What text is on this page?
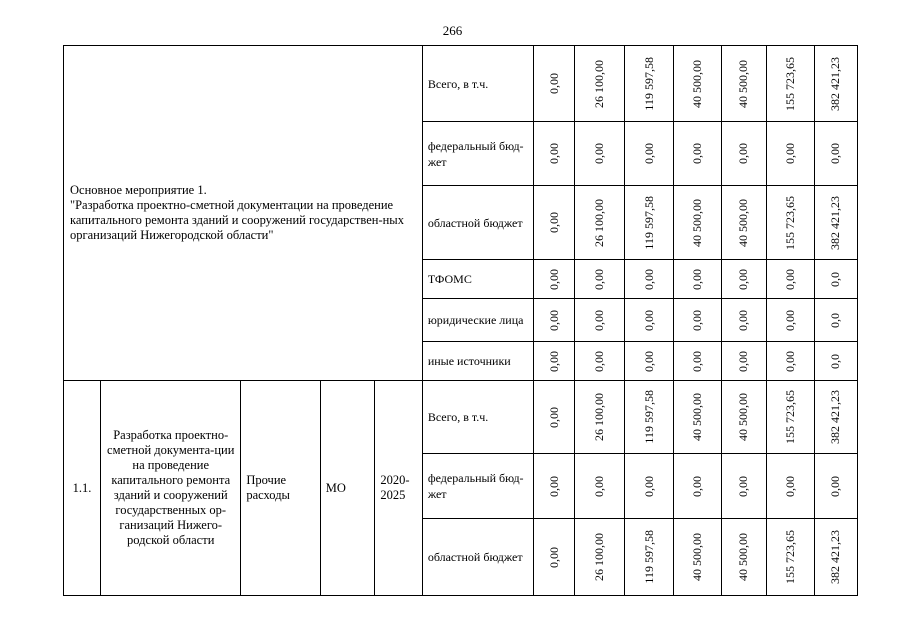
266
Основное мероприятие 1.
"Разработка проектно-сметной документации на проведение капитального ремонта зданий и сооружений государствен-ных организаций Нижегородской области"					Всего, в т.ч.	0,00	26 100,00	119 597,58	40 500,00	40 500,00	155 723,65	382 421,23

					федеральный бюд-жет	0,00	0,00	0,00	0,00	0,00	0,00	0,00

					областной бюджет	0,00	26 100,00	119 597,58	40 500,00	40 500,00	155 723,65	382 421,23

					ТФОМС	0,00	0,00	0,00	0,00	0,00	0,00	0,0

					юридические лица	0,00	0,00	0,00	0,00	0,00	0,00	0,0

					иные источники	0,00	0,00	0,00	0,00	0,00	0,00	0,0

1.1.	Разработка проектно-сметной документа-ции на проведение капитального ремонта зданий и сооружений государственных ор-ганизаций Нижего-родской области	Прочие расходы	МО	2020-2025	Всего, в т.ч.	0,00	26 100,00	119 597,58	40 500,00	40 500,00	155 723,65	382 421,23

					федеральный бюд-жет	0,00	0,00	0,00	0,00	0,00	0,00	0,00

					областной бюджет	0,00	26 100,00	119 597,58	40 500,00	40 500,00	155 723,65	382 421,23
